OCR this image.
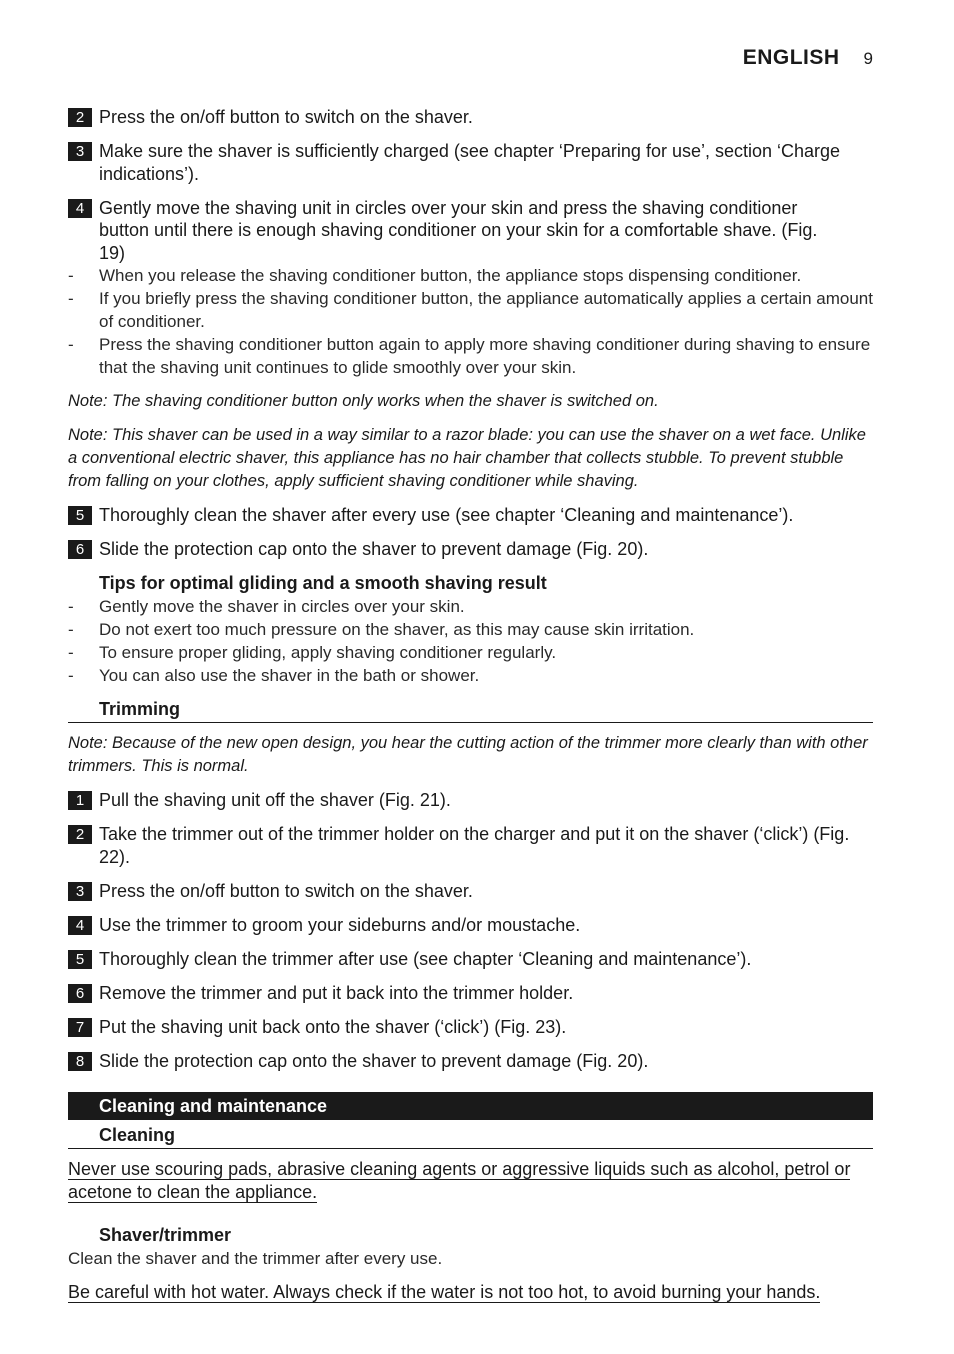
ENGLISH 9
2 Press the on/off button to switch on the shaver.
3 Make sure the shaver is sufficiently charged (see chapter ‘Preparing for use’, section ‘Charge indications’).
4 Gently move the shaving unit in circles over your skin and press the shaving conditioner button until there is enough shaving conditioner on your skin for a comfortable shave. (Fig. 19)
- When you release the shaving conditioner button, the appliance stops dispensing conditioner.
- If you briefly press the shaving conditioner button, the appliance automatically applies a certain amount of conditioner.
- Press the shaving conditioner button again to apply more shaving conditioner during shaving to ensure that the shaving unit continues to glide smoothly over your skin.
Note: The shaving conditioner button only works when the shaver is switched on.
Note: This shaver can be used in a way similar to a razor blade: you can use the shaver on a wet face. Unlike a conventional electric shaver, this appliance has no hair chamber that collects stubble. To prevent stubble from falling on your clothes, apply sufficient shaving conditioner while shaving.
5 Thoroughly clean the shaver after every use (see chapter ‘Cleaning and maintenance’).
6 Slide the protection cap onto the shaver to prevent damage (Fig. 20).
Tips for optimal gliding and a smooth shaving result
- Gently move the shaver in circles over your skin.
- Do not exert too much pressure on the shaver, as this may cause skin irritation.
- To ensure proper gliding, apply shaving conditioner regularly.
- You can also use the shaver in the bath or shower.
Trimming
Note: Because of the new open design, you hear the cutting action of the trimmer more clearly than with other trimmers. This is normal.
1 Pull the shaving unit off the shaver (Fig. 21).
2 Take the trimmer out of the trimmer holder on the charger and put it on the shaver (‘click’) (Fig. 22).
3 Press the on/off button to switch on the shaver.
4 Use the trimmer to groom your sideburns and/or moustache.
5 Thoroughly clean the trimmer after use (see chapter ‘Cleaning and maintenance’).
6 Remove the trimmer and put it back into the trimmer holder.
7 Put the shaving unit back onto the shaver (‘click’) (Fig. 23).
8 Slide the protection cap onto the shaver to prevent damage (Fig. 20).
Cleaning and maintenance
Cleaning
Never use scouring pads, abrasive cleaning agents or aggressive liquids such as alcohol, petrol or acetone to clean the appliance.
Shaver/trimmer
Clean the shaver and the trimmer after every use.
Be careful with hot water. Always check if the water is not too hot, to avoid burning your hands.
